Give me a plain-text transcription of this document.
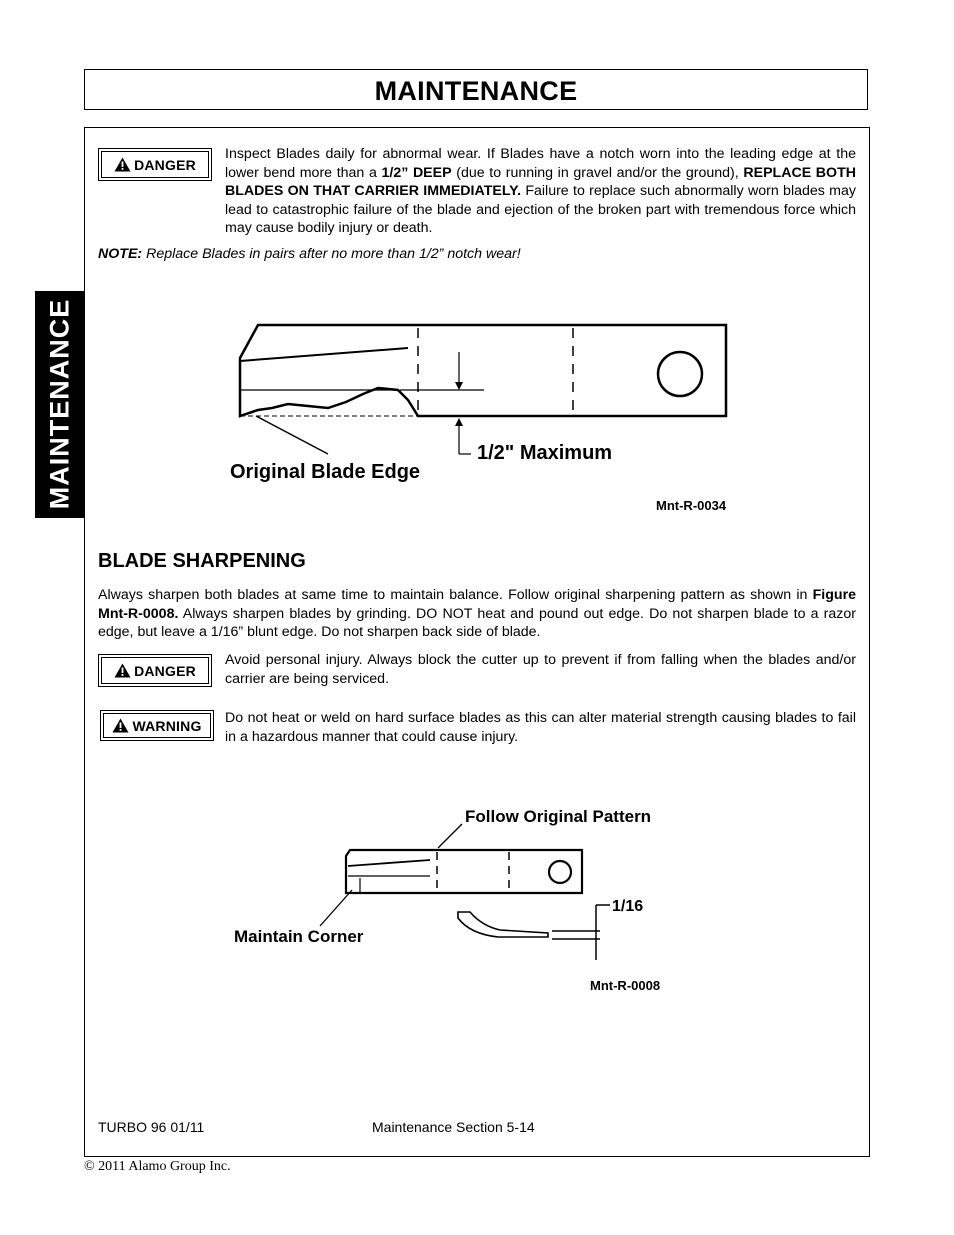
MAINTENANCE
MAINTENANCE
DANGER
Inspect Blades daily for abnormal wear. If Blades have a notch worn into the leading edge at the lower bend more than a 1/2” DEEP (due to running in gravel and/or the ground), REPLACE BOTH BLADES ON THAT CARRIER IMMEDIATELY. Failure to replace such abnormally worn blades may lead to catastrophic failure of the blade and ejection of the broken part with tremendous force which may cause bodily injury or death.
NOTE: Replace Blades in pairs after no more than 1/2” notch wear!
1/2" Maximum
Original Blade Edge
Mnt-R-0034
BLADE SHARPENING
Always sharpen both blades at same time to maintain balance. Follow original sharpening pattern as shown in Figure Mnt-R-0008. Always sharpen blades by grinding. DO NOT heat and pound out edge. Do not sharpen blade to a razor edge, but leave a 1/16” blunt edge. Do not sharpen back side of blade.
DANGER
Avoid personal injury. Always block the cutter up to prevent if from falling when the blades and/or carrier are being serviced.
WARNING Do not heat or weld on hard surface blades as this can alter material strength causing blades to fail in a hazardous manner that could cause injury.
Follow Original Pattern
Maintain Corner
1/16
Mnt-R-0008
TURBO 96 01/11	Maintenance Section 5-14
© 2011 Alamo Group Inc.
